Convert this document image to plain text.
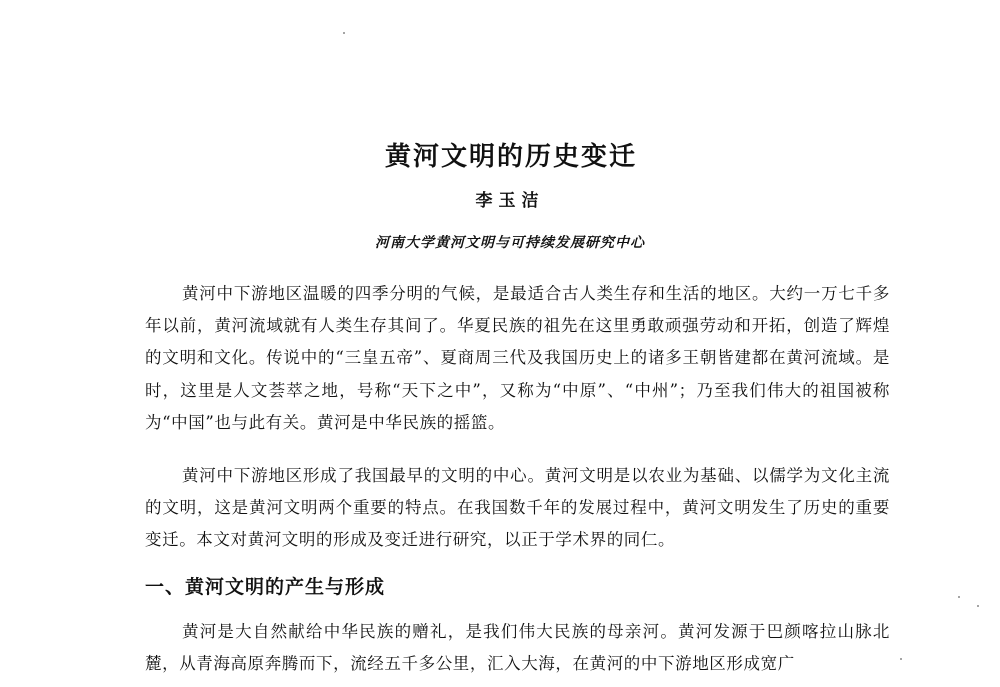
黄河文明的历史变迁
李玉洁
河南大学黄河文明与可持续发展研究中心

黄河中下游地区温暖的四季分明的气候，是最适合古人类生存和生活的地区。大约一万七千多年以前，黄河流域就有人类生存其间了。华夏民族的祖先在这里勇敢顽强劳动和开拓，创造了辉煌的文明和文化。传说中的“三皇五帝”、夏商周三代及我国历史上的诸多王朝皆建都在黄河流域。是时，这里是人文荟萃之地，号称“天下之中”，又称为“中原”、“中州”；乃至我们伟大的祖国被称为“中国”也与此有关。黄河是中华民族的摇篮。

黄河中下游地区形成了我国最早的文明的中心。黄河文明是以农业为基础、以儒学为文化主流的文明，这是黄河文明两个重要的特点。在我国数千年的发展过程中，黄河文明发生了历史的重要变迁。本文对黄河文明的形成及变迁进行研究，以正于学术界的同仁。

一、黄河文明的产生与形成

黄河是大自然献给中华民族的赠礼，是我们伟大民族的母亲河。黄河发源于巴颜喀拉山脉北麓，从青海高原奔腾而下，流经五千多公里，汇入大海，在黄河的中下游地区形成宽广
